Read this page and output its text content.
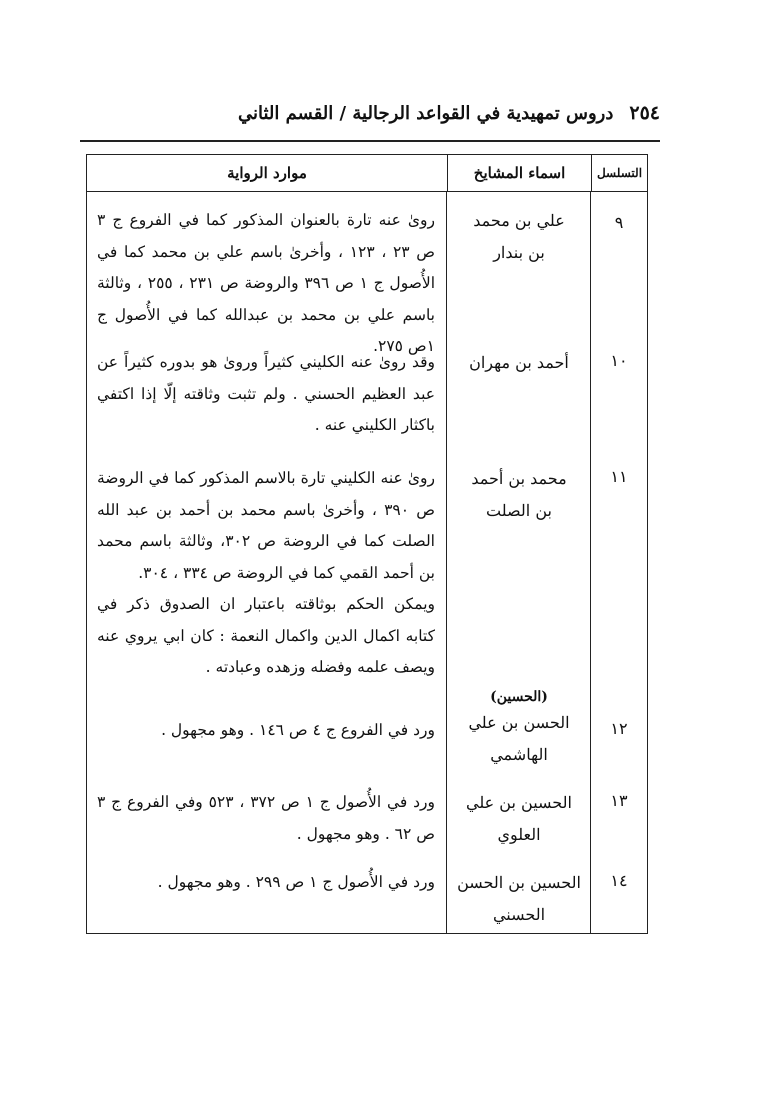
٢٥٤
دروس تمهيدية في القواعد الرجالية / القسم الثاني
التسلسل
اسماء المشايخ
موارد الرواية
٩
علي بن محمد
بن بندار
رویٰ عنه تارة بالعنوان المذكور كما في الفروع ج ٣ ص ٢٣ ، ١٢٣ ، وأخرىٰ باسم علي بن محمد كما في الأُصول ج ١ ص ٣٩٦ والروضة ص ٢٣١ ، ٢٥٥ ، وثالثة باسم علي بن محمد بن عبدالله كما في الأُصول ج ١ص ٢٧٥.
١٠
أحمد بن مهران
وقد رویٰ عنه الكليني كثيراً ورویٰ هو بدوره كثيراً عن عبد العظيم الحسني . ولم تثبت وثاقته إلّا إذا اكتفي باكثار الكليني عنه .
١١
محمد بن أحمد
بن الصلت

رویٰ عنه الكليني تارة بالاسم المذكور كما في الروضة ص ٣٩٠ ، وأخرىٰ باسم محمد بن أحمد بن عبد الله الصلت كما في الروضة ص ٣٠٢، وثالثة باسم محمد بن أحمد القمي كما في الروضة ص ٣٣٤ ، ٣٠٤.

ويمكن الحكم بوثاقته باعتبار ان الصدوق ذكر في كتابه اكمال الدين واكمال النعمة : كان ابي يروي عنه ويصف علمه وفضله وزهده وعبادته .

١٢
(الحسين)
الحسن بن علي
الهاشمي
ورد في الفروع ج ٤ ص ١٤٦ . وهو مجهول .
١٣
الحسين بن علي
العلوي
ورد في الأُصول ج ١ ص ٣٧٢ ، ٥٢٣ وفي الفروع ج ٣ ص ٦٢ . وهو مجهول .
١٤
الحسين بن الحسن
الحسني
ورد في الأُصول ج ١ ص ٢٩٩ . وهو مجهول .
